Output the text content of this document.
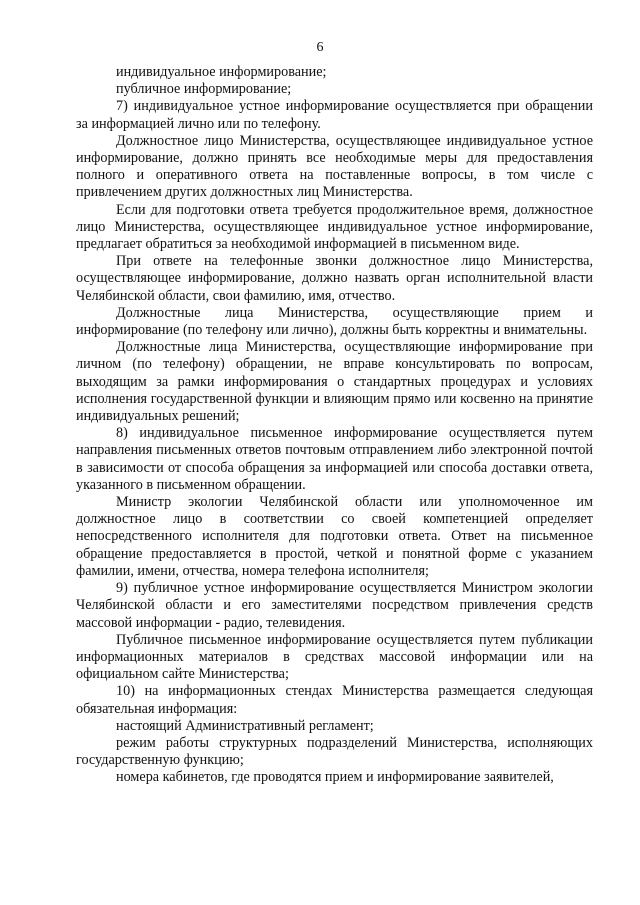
6

индивидуальное информирование;

публичное информирование;

7) индивидуальное устное информирование осуществляется при обращении за информацией лично или по телефону.

Должностное лицо Министерства, осуществляющее индивидуальное устное информирование, должно принять все необходимые меры для предоставления полного и оперативного ответа на поставленные вопросы, в том числе с привлечением других должностных лиц Министерства.

Если для подготовки ответа требуется продолжительное время, должностное лицо Министерства, осуществляющее индивидуальное устное информирование, предлагает обратиться за необходимой информацией в письменном виде.

При ответе на телефонные звонки должностное лицо Министерства, осуществляющее информирование, должно назвать орган исполнительной власти Челябинской области, свои фамилию, имя, отчество.

Должностные лица Министерства, осуществляющие прием и информирование (по телефону или лично), должны быть корректны и внимательны.

Должностные лица Министерства, осуществляющие информирование при личном (по телефону) обращении, не вправе консультировать по вопросам, выходящим за рамки информирования о стандартных процедурах и условиях исполнения государственной функции и влияющим прямо или косвенно на принятие индивидуальных решений;

8) индивидуальное письменное информирование осуществляется путем направления письменных ответов почтовым отправлением либо электронной почтой в зависимости от способа обращения за информацией или способа доставки ответа, указанного в письменном обращении.

Министр экологии Челябинской области или уполномоченное им должностное лицо в соответствии со своей компетенцией определяет непосредственного исполнителя для подготовки ответа. Ответ на письменное обращение предоставляется в простой, четкой и понятной форме с указанием фамилии, имени, отчества, номера телефона исполнителя;

9) публичное устное информирование осуществляется Министром экологии Челябинской области и его заместителями посредством привлечения средств массовой информации - радио, телевидения.

Публичное письменное информирование осуществляется путем публикации информационных материалов в средствах массовой информации или на официальном сайте Министерства;

10) на информационных стендах Министерства размещается следующая обязательная информация:

настоящий Административный регламент;

режим работы структурных подразделений Министерства, исполняющих государственную функцию;

номера кабинетов, где проводятся прием и информирование заявителей,
